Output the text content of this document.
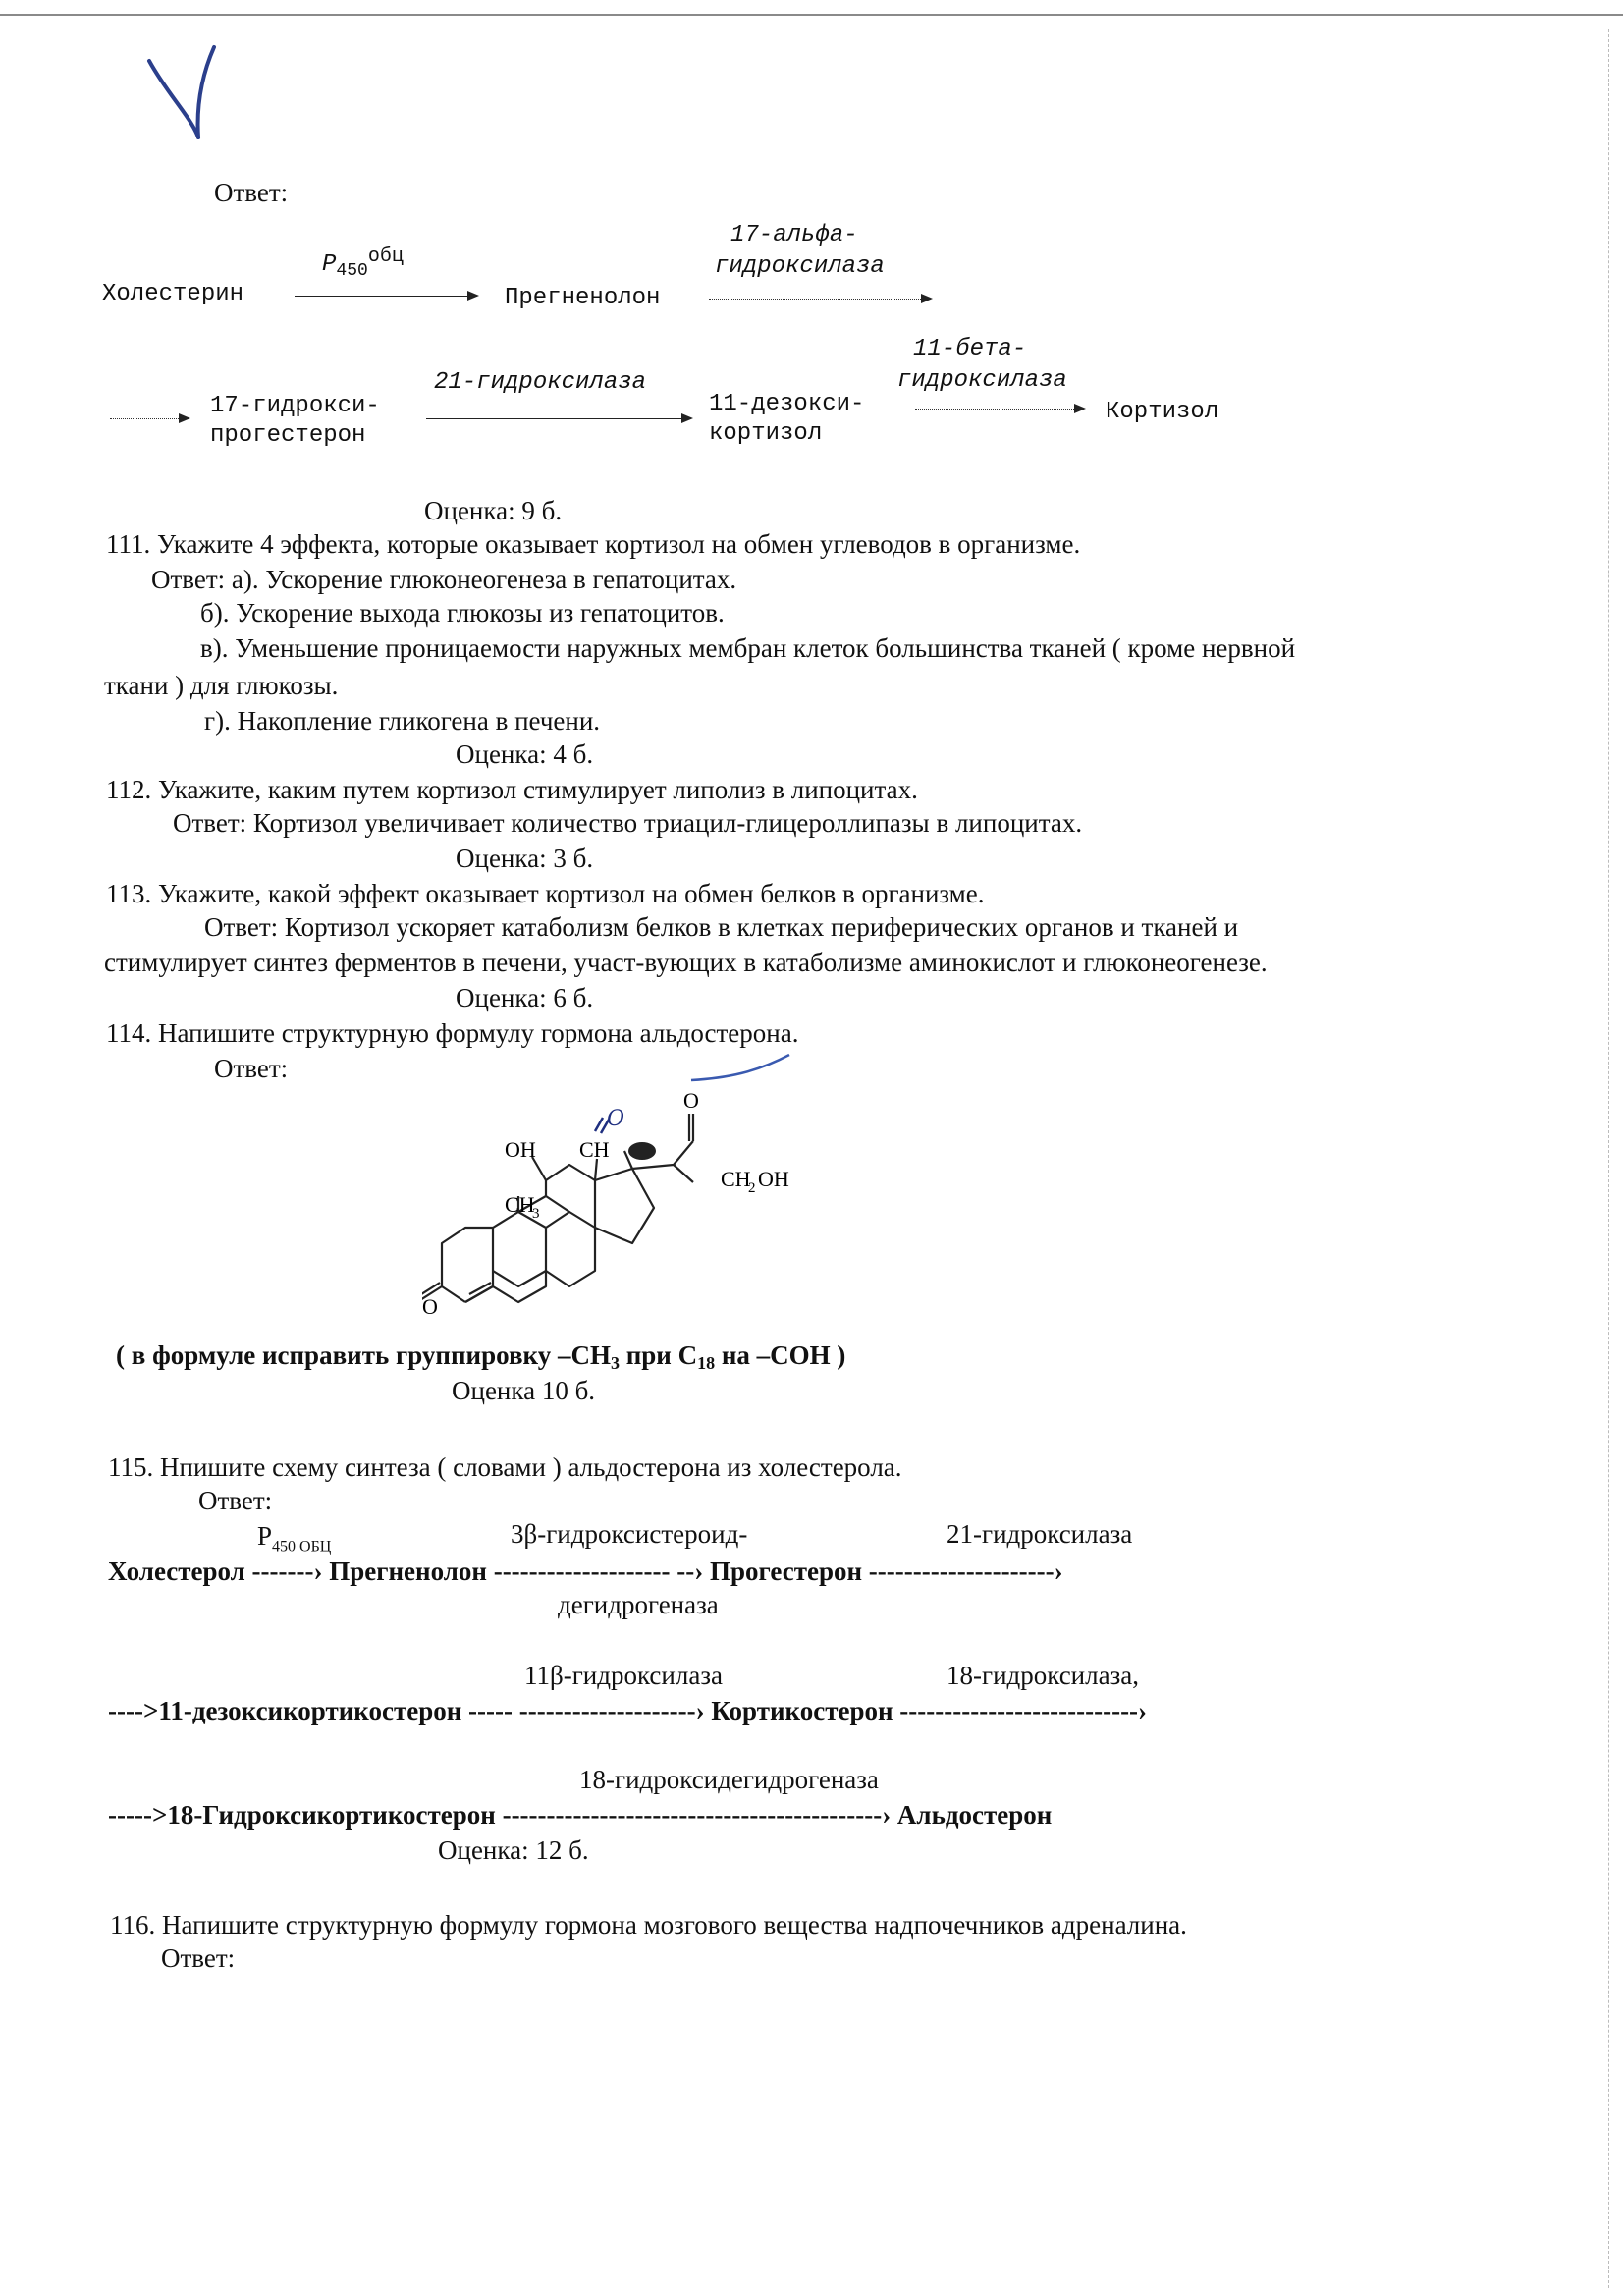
Ответ:
Холестерин
$P_{450}^{обц}$
Прегненолон
17-альфа-
гидроксилаза
17-гидрокси-
прогестерон
21-гидроксилаза
11-дезокси-
кортизол
11-бета-
гидроксилаза
Кортизол
Оценка: 9 б.
111. Укажите 4 эффекта, которые оказывает кортизол на обмен углеводов в организме.
Ответ: а). Ускорение глюконеогенеза в гепатоцитах.
б). Ускорение выхода глюкозы из гепатоцитов.
в). Уменьшение проницаемости наружных мембран клеток большинства тканей ( кроме нервной
ткани ) для глюкозы.
г). Накопление гликогена в печени.
Оценка: 4 б.
112. Укажите, каким путем кортизол стимулирует липолиз в липоцитах.
Ответ: Кортизол увеличивает количество триацил-глицероллипазы в липоцитах.
Оценка: 3 б.
113. Укажите, какой эффект оказывает кортизол на обмен белков в организме.
Ответ: Кортизол ускоряет катаболизм белков в клетках периферических органов и тканей и
стимулирует синтез ферментов в печени, участ-вующих в катаболизме аминокислот и глюконеогенезе.
Оценка: 6 б.
114. Напишите структурную формулу гормона альдостерона.
Ответ:
O
O
OH
CH
3
CH
CH
2 OH
O
( в формуле исправить группировку $-CH_3$ при $C_{18}$ на –COH )
Оценка 10 б.
115. Нпишите схему синтеза ( словами ) альдостерона из холестерола.
Ответ:
$P_{450 ОБЦ}$	3β-гидроксистероид-	21-гидроксилаза
Холестерол -------› Прегненолон -------------------- --› Прогестерон ---------------------›
дегидрогеназа
11β-гидроксилаза	18-гидроксилаза,
---->11-дезоксикортикостерон ----- --------------------› Кортикостерон ---------------------------›
18-гидроксидегидрогеназа
----->18-Гидроксикортикостерон -------------------------------------------› Альдостерон
Оценка: 12 б.
116. Напишите структурную формулу гормона мозгового вещества надпочечников адреналина.
Ответ:
